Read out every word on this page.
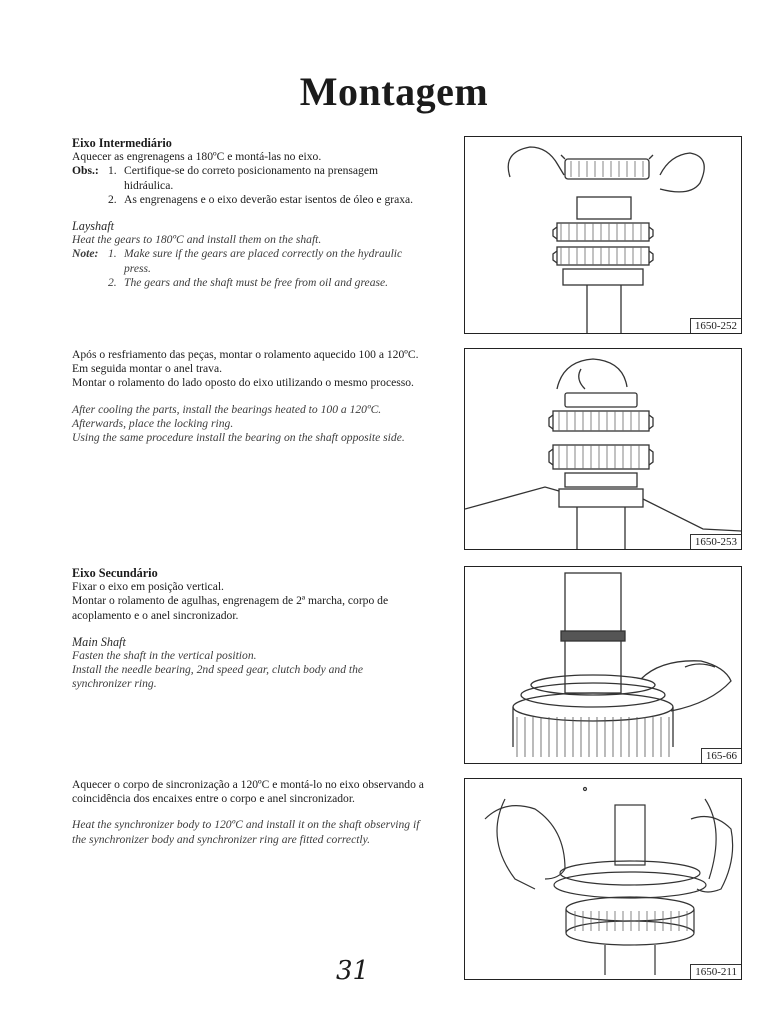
Montagem
Eixo Intermediário
Aquecer as engrenagens a 180ºC e montá-las no eixo.
Obs.: 1. Certifique-se do correto posicionamento na prensagem hidráulica.
2. As engrenagens e o eixo deverão estar isentos de óleo e graxa.
Layshaft
Heat the gears to 180ºC and install them on the shaft.
Note: 1. Make sure if the gears are placed correctly on the hydraulic press.
2. The gears and the shaft must be free from oil and grease.
Após o resfriamento das peças, montar o rolamento aquecido 100 a 120ºC.
Em seguida montar o anel trava.
Montar o rolamento do lado oposto do eixo utilizando o mesmo processo.
After cooling the parts, install the bearings heated to 100 a 120ºC.
Afterwards, place the locking ring.
Using the same procedure install the bearing on the shaft opposite side.
Eixo Secundário
Fixar o eixo em posição vertical.
Montar o rolamento de agulhas, engrenagem de 2ª marcha, corpo de acoplamento e o anel sincronizador.
Main Shaft
Fasten the shaft in the vertical position.
Install the needle bearing, 2nd speed gear, clutch body and the synchronizer ring.
Aquecer o corpo de sincronização a 120ºC e montá-lo no eixo observando a coincidência dos encaixes entre o corpo e anel sincronizador.
Heat the synchronizer body to 120ºC and install it on the shaft observing if the synchronizer body and synchronizer ring are fitted correctly.
1650-252
1650-253
165-66
1650-211
31
